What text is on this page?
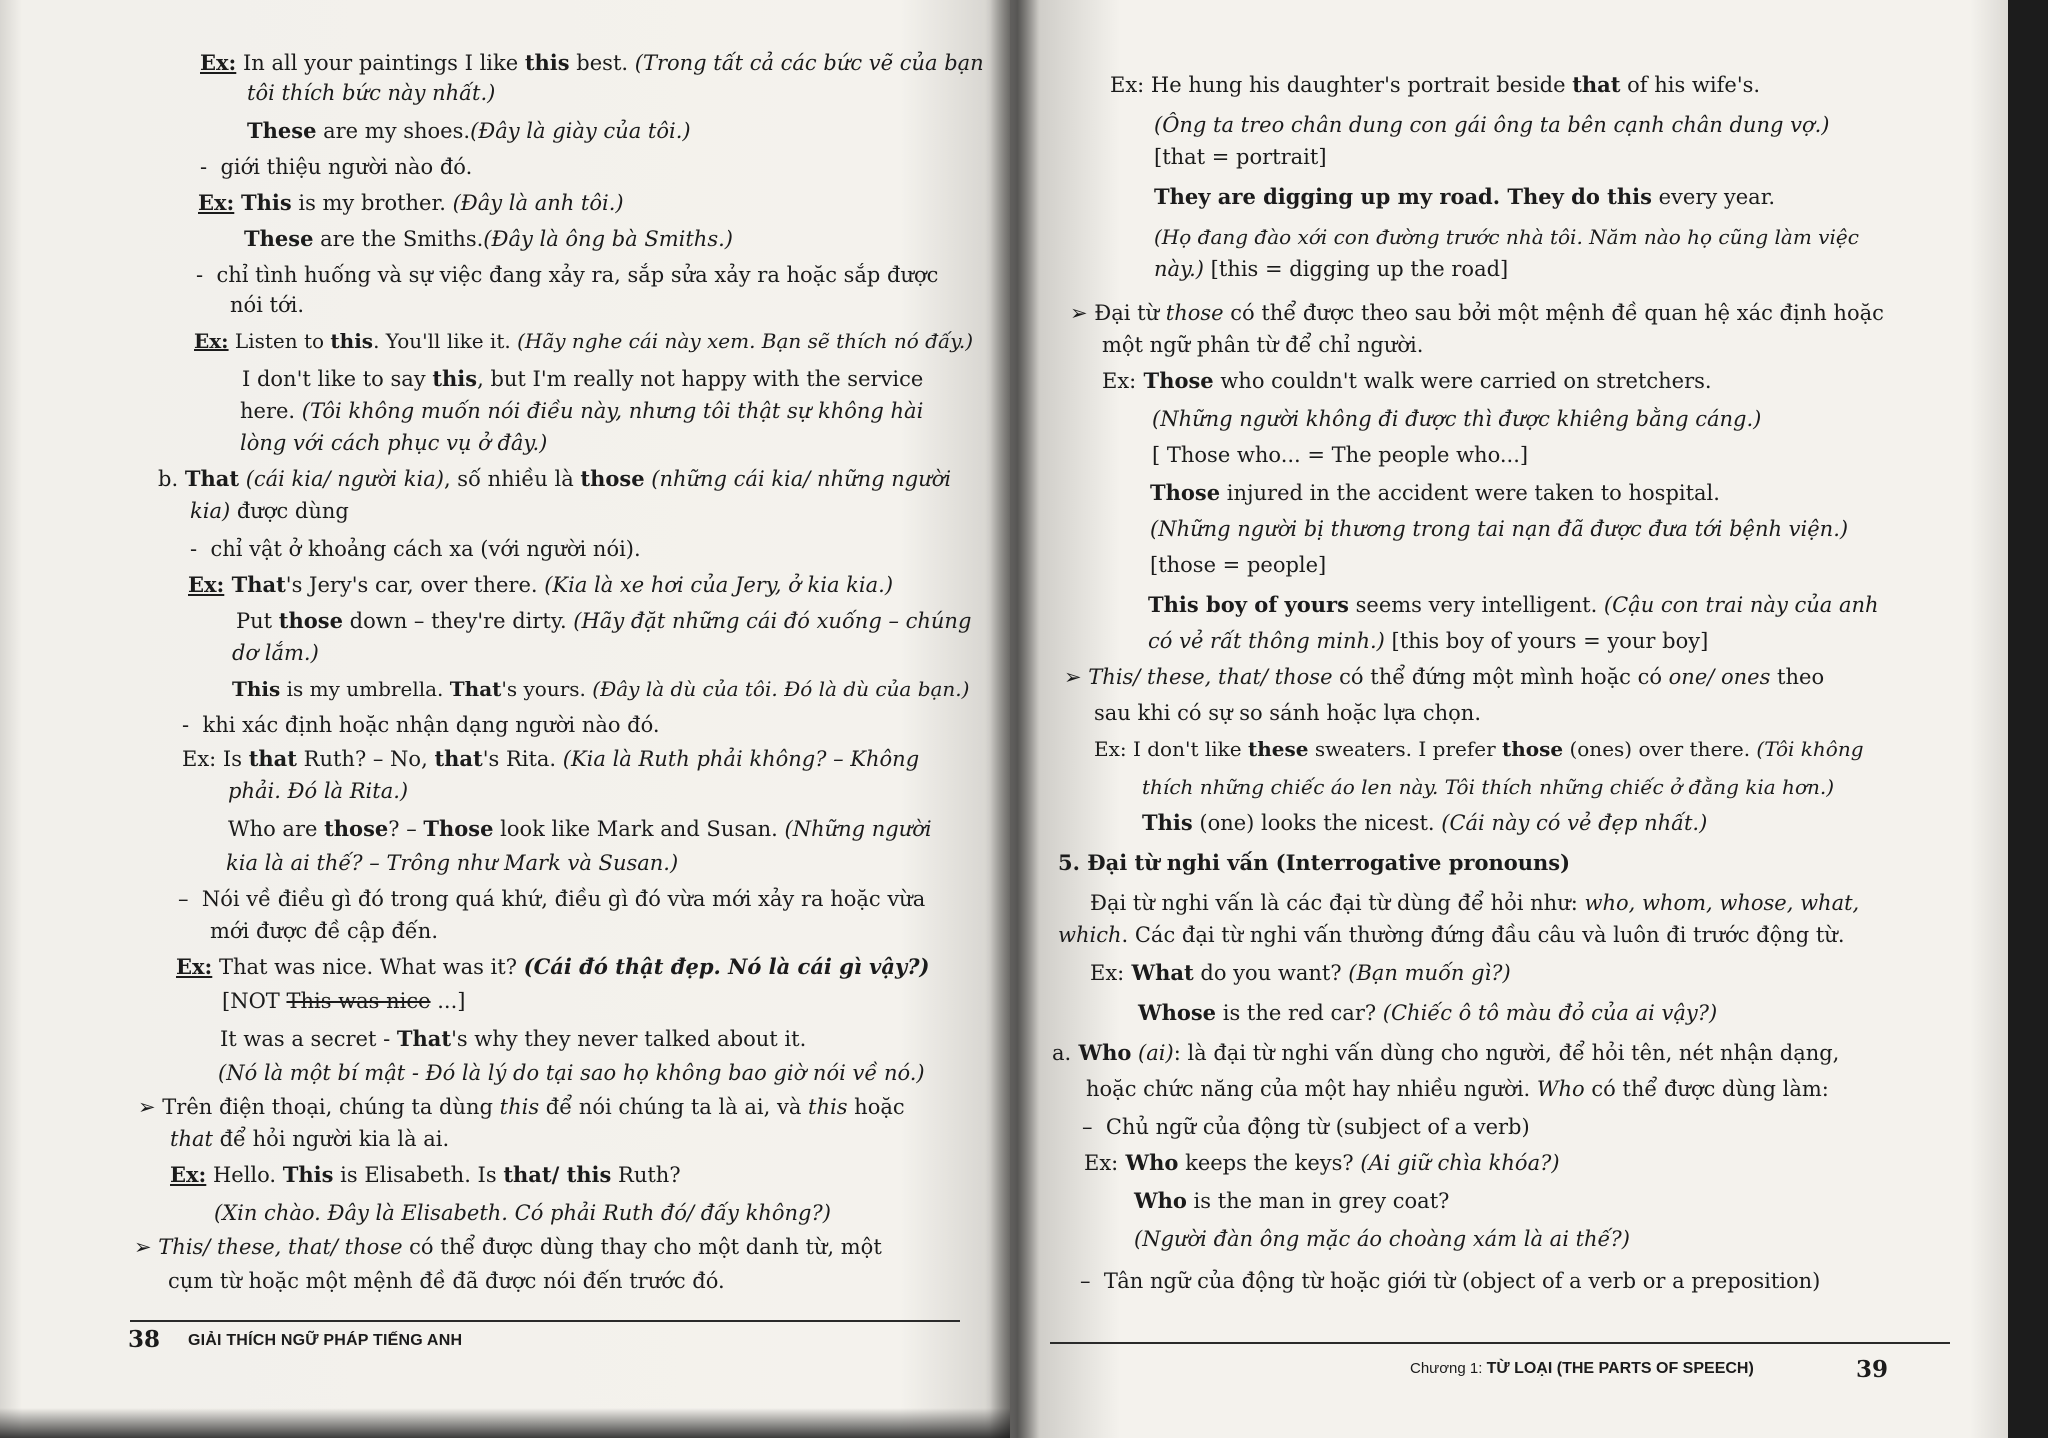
Ex: In all your paintings I like this best. (Trong tất cả các bức vẽ của bạn
tôi thích bức này nhất.)
These are my shoes.(Đây là giày của tôi.)
- giới thiệu người nào đó.
Ex: This is my brother. (Đây là anh tôi.)
These are the Smiths.(Đây là ông bà Smiths.)
- chỉ tình huống và sự việc đang xảy ra, sắp sửa xảy ra hoặc sắp được
nói tới.
Ex: Listen to this. You'll like it. (Hãy nghe cái này xem. Bạn sẽ thích nó đấy.)
I don't like to say this, but I'm really not happy with the service
here. (Tôi không muốn nói điều này, nhưng tôi thật sự không hài
lòng với cách phục vụ ở đây.)
b. That (cái kia/ người kia), số nhiều là those (những cái kia/ những người
kia) được dùng
- chỉ vật ở khoảng cách xa (với người nói).
Ex: That's Jery's car, over there. (Kia là xe hơi của Jery, ở kia kia.)
Put those down – they're dirty. (Hãy đặt những cái đó xuống – chúng
dơ lắm.)
This is my umbrella. That's yours. (Đây là dù của tôi. Đó là dù của bạn.)
- khi xác định hoặc nhận dạng người nào đó.
Ex: Is that Ruth? – No, that's Rita. (Kia là Ruth phải không? – Không
phải. Đó là Rita.)
Who are those? – Those look like Mark and Susan. (Những người
kia là ai thế? – Trông như Mark và Susan.)
– Nói về điều gì đó trong quá khứ, điều gì đó vừa mới xảy ra hoặc vừa
mới được đề cập đến.
Ex: That was nice. What was it? (Cái đó thật đẹp. Nó là cái gì vậy?)
[NOT This was nice ...]
It was a secret - That's why they never talked about it.
(Nó là một bí mật - Đó là lý do tại sao họ không bao giờ nói về nó.)
➢ Trên điện thoại, chúng ta dùng this để nói chúng ta là ai, và this hoặc
that để hỏi người kia là ai.
Ex: Hello. This is Elisabeth. Is that/ this Ruth?
(Xin chào. Đây là Elisabeth. Có phải Ruth đó/ đấy không?)
➢ This/ these, that/ those có thể được dùng thay cho một danh từ, một
cụm từ hoặc một mệnh đề đã được nói đến trước đó.
38 GIẢI THÍCH NGỮ PHÁP TIẾNG ANH
Ex: He hung his daughter's portrait beside that of his wife's.
(Ông ta treo chân dung con gái ông ta bên cạnh chân dung vợ.)
[that = portrait]
They are digging up my road. They do this every year.
(Họ đang đào xới con đường trước nhà tôi. Năm nào họ cũng làm việc
này.) [this = digging up the road]
➢ Đại từ those có thể được theo sau bởi một mệnh đề quan hệ xác định hoặc
một ngữ phân từ để chỉ người.
Ex: Those who couldn't walk were carried on stretchers.
(Những người không đi được thì được khiêng bằng cáng.)
[ Those who... = The people who...]
Those injured in the accident were taken to hospital.
(Những người bị thương trong tai nạn đã được đưa tới bệnh viện.)
[those = people]
This boy of yours seems very intelligent. (Cậu con trai này của anh
có vẻ rất thông minh.) [this boy of yours = your boy]
➢ This/ these, that/ those có thể đứng một mình hoặc có one/ ones theo
sau khi có sự so sánh hoặc lựa chọn.
Ex: I don't like these sweaters. I prefer those (ones) over there. (Tôi không
thích những chiếc áo len này. Tôi thích những chiếc ở đằng kia hơn.)
This (one) looks the nicest. (Cái này có vẻ đẹp nhất.)
5. Đại từ nghi vấn (Interrogative pronouns)
Đại từ nghi vấn là các đại từ dùng để hỏi như: who, whom, whose, what,
which. Các đại từ nghi vấn thường đứng đầu câu và luôn đi trước động từ.
Ex: What do you want? (Bạn muốn gì?)
Whose is the red car? (Chiếc ô tô màu đỏ của ai vậy?)
a. Who (ai): là đại từ nghi vấn dùng cho người, để hỏi tên, nét nhận dạng,
hoặc chức năng của một hay nhiều người. Who có thể được dùng làm:
– Chủ ngữ của động từ (subject of a verb)
Ex: Who keeps the keys? (Ai giữ chìa khóa?)
Who is the man in grey coat?
(Người đàn ông mặc áo choàng xám là ai thế?)
– Tân ngữ của động từ hoặc giới từ (object of a verb or a preposition)
Chương 1: TỪ LOẠI (THE PARTS OF SPEECH)	39
